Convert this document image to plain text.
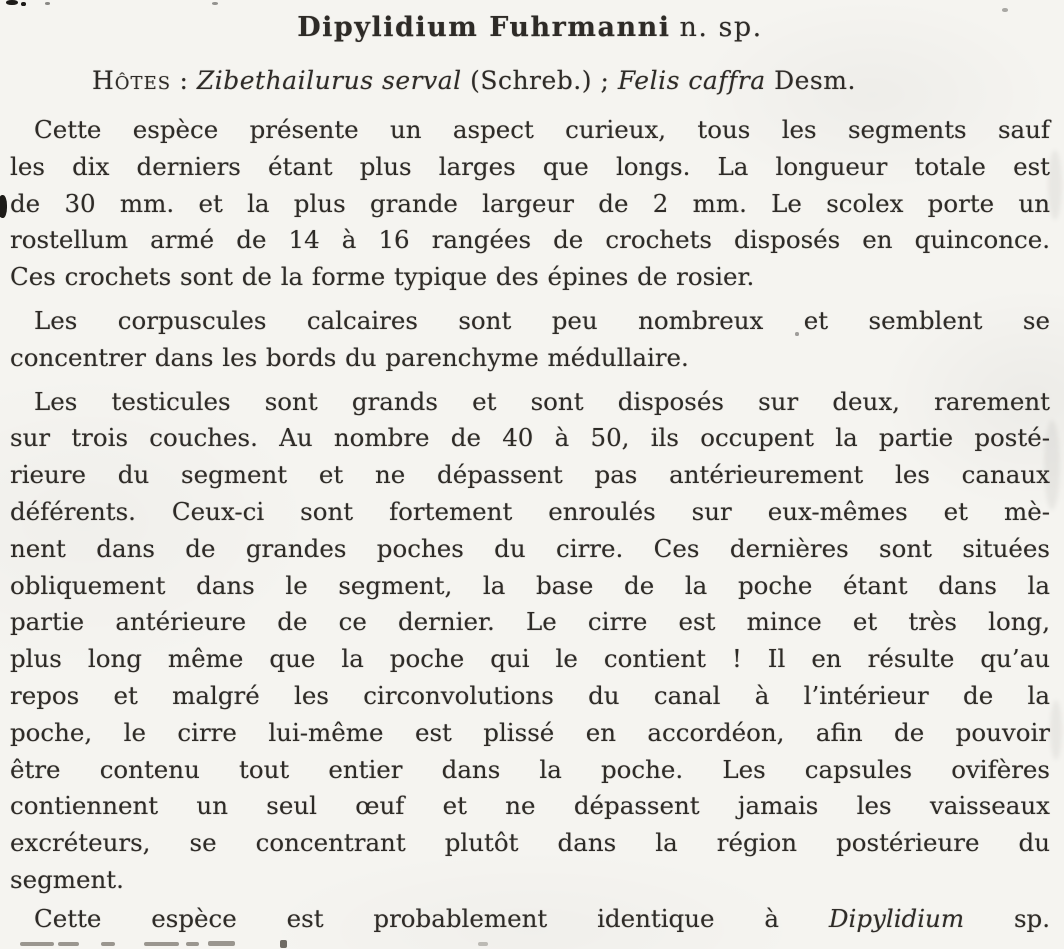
Dipylidium Fuhrmanni n. sp.
Hôtes : Zibethailurus serval (Schreb.) ; Felis caffra Desm.
Cette espèce présente un aspect curieux, tous les segments sauf
les dix derniers étant plus larges que longs. La longueur totale est
de 30 mm. et la plus grande largeur de 2 mm. Le scolex porte un
rostellum armé de 14 à 16 rangées de crochets disposés en quinconce.
Ces crochets sont de la forme typique des épines de rosier.
Les corpuscules calcaires sont peu nombreux et semblent se
concentrer dans les bords du parenchyme médullaire.
Les testicules sont grands et sont disposés sur deux, rarement
sur trois couches. Au nombre de 40 à 50, ils occupent la partie posté-
rieure du segment et ne dépassent pas antérieurement les canaux
déférents. Ceux-ci sont fortement enroulés sur eux-mêmes et mè-
nent dans de grandes poches du cirre. Ces dernières sont situées
obliquement dans le segment, la base de la poche étant dans la
partie antérieure de ce dernier. Le cirre est mince et très long,
plus long même que la poche qui le contient ! Il en résulte qu’au
repos et malgré les circonvolutions du canal à l’intérieur de la
poche, le cirre lui-même est plissé en accordéon, afin de pouvoir
être contenu tout entier dans la poche. Les capsules ovifères
contiennent un seul œuf et ne dépassent jamais les vaisseaux
excréteurs, se concentrant plutôt dans la région postérieure du
segment.
Cette espèce est probablement identique à Dipylidium sp.
